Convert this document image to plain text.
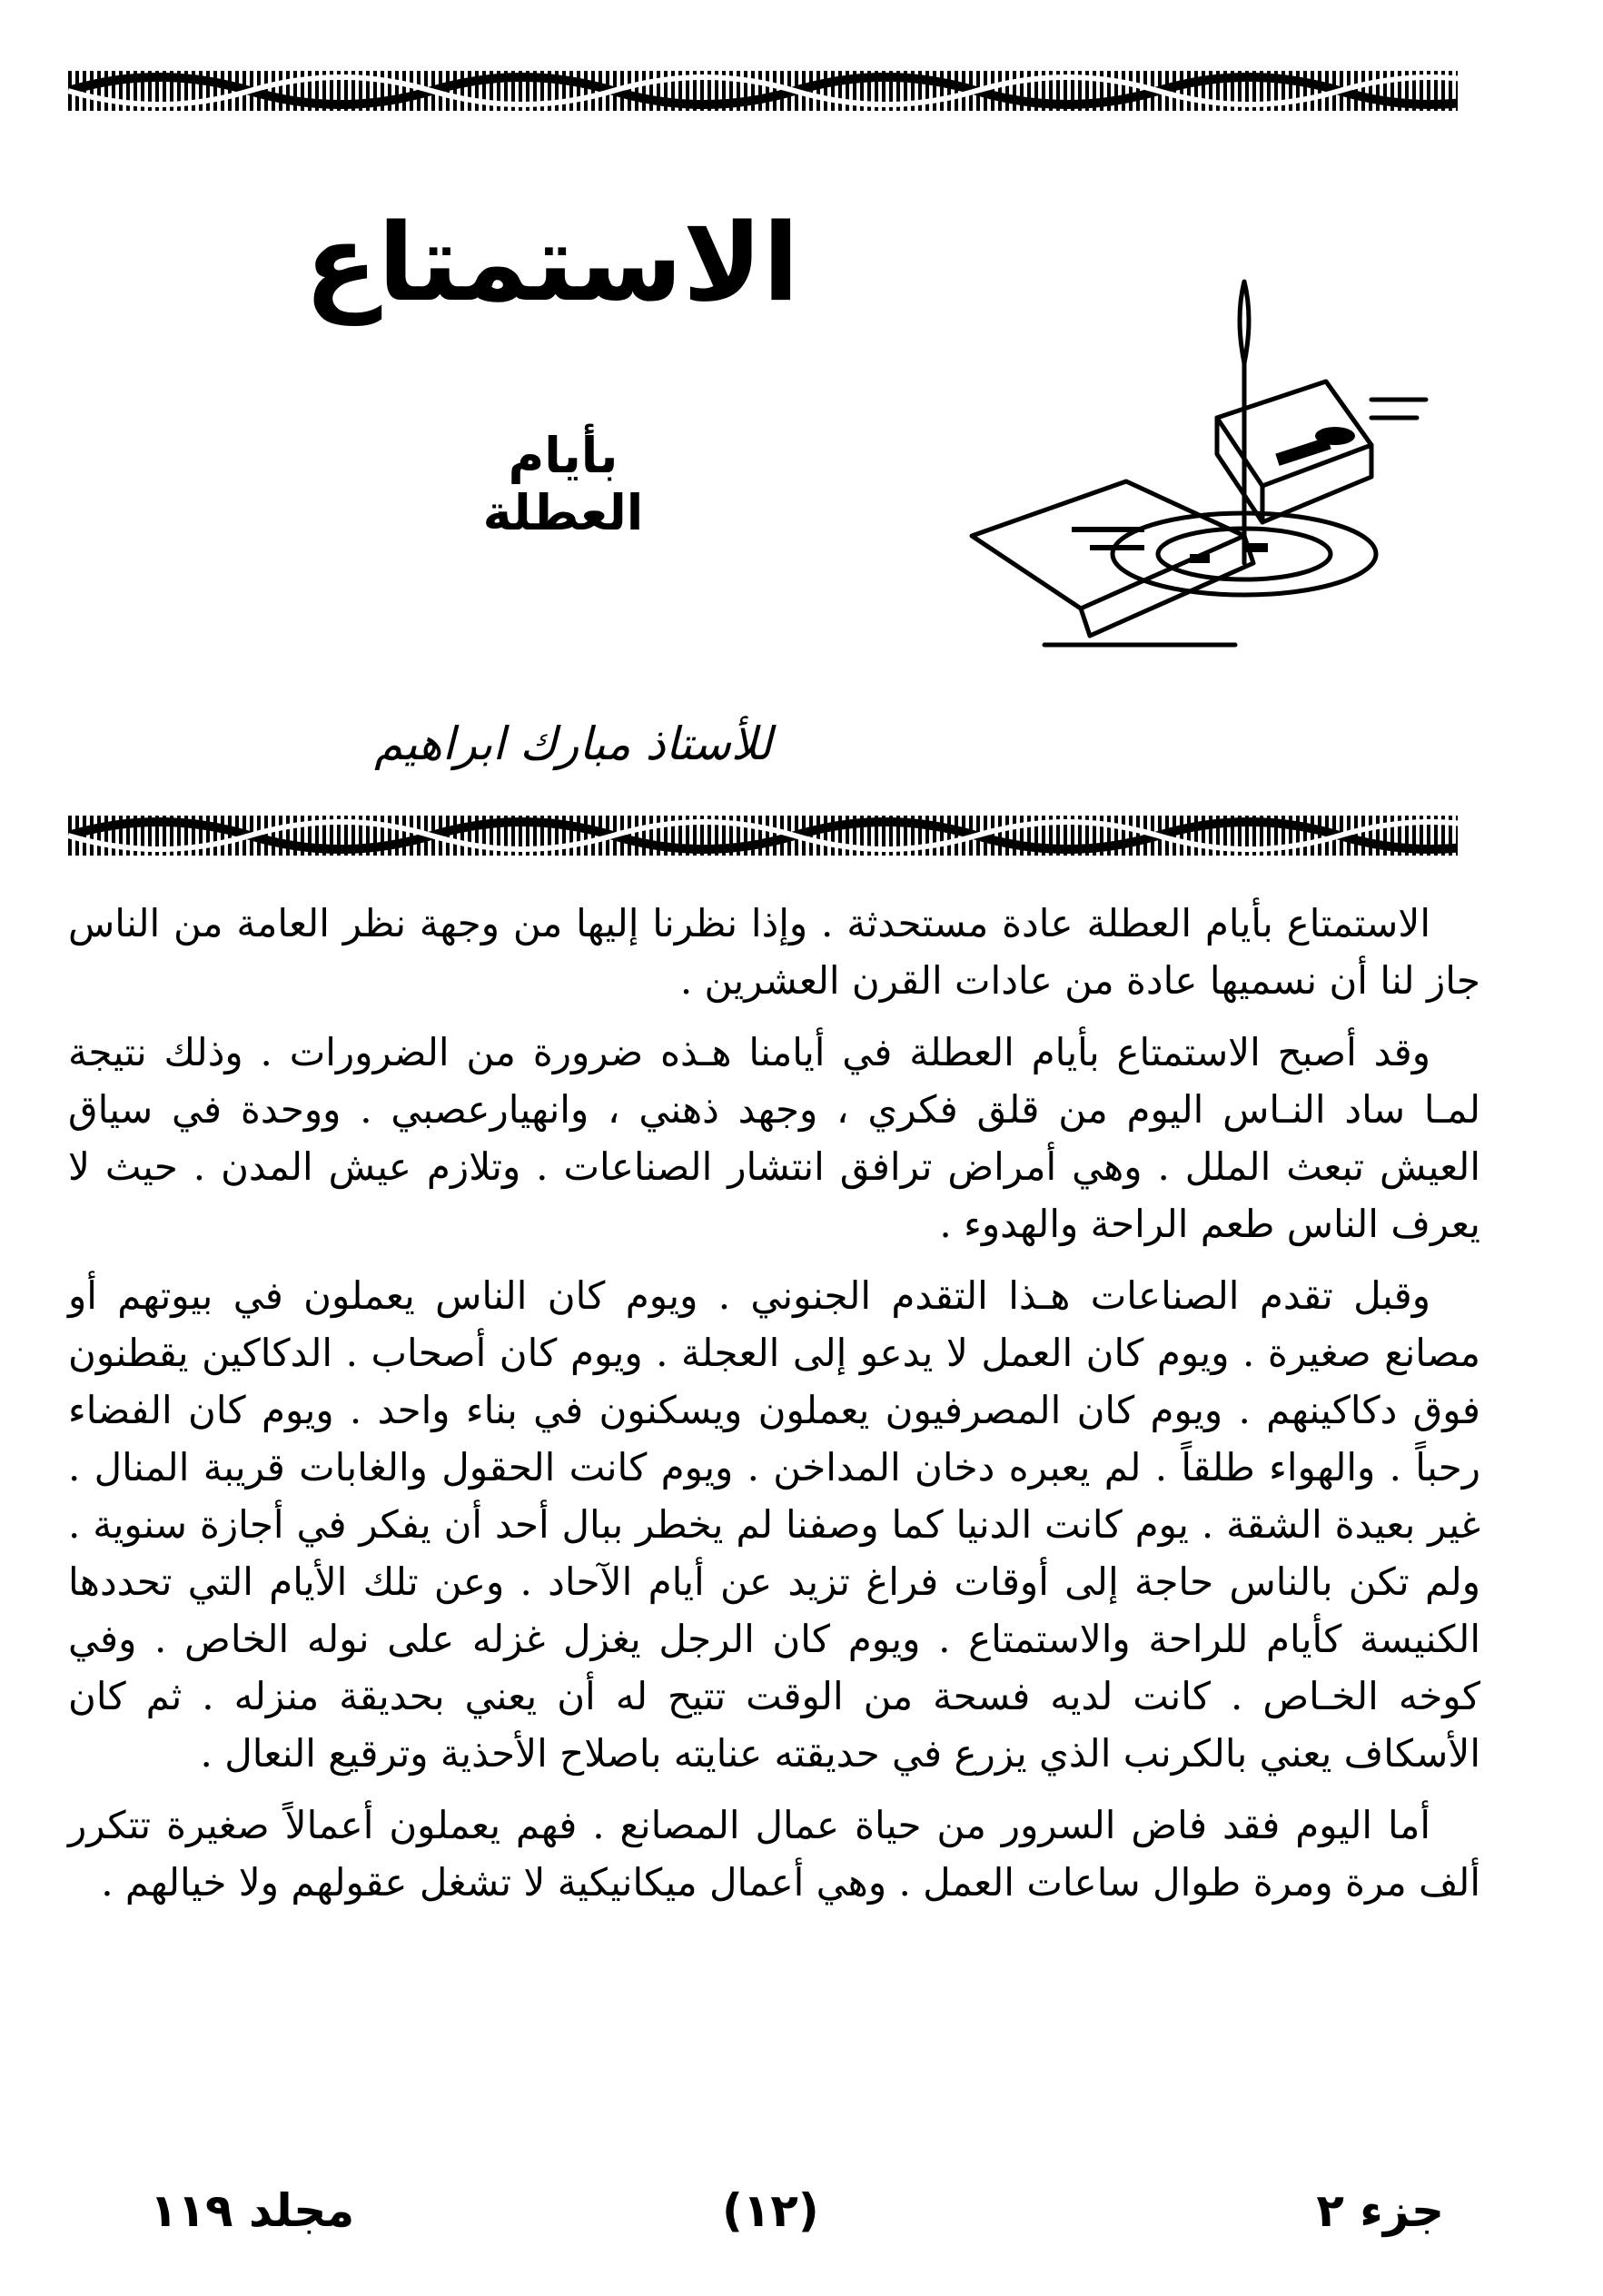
الاستمتاع
بأيام العطلة
للأستاذ مبارك ابراهيم

الاستمتاع بأيام العطلة عادة مستحدثة . وإذا نظرنا إليها من وجهة نظر العامة من الناس جاز لنا أن نسميها عادة من عادات القرن العشرين .

وقد أصبح الاستمتاع بأيام العطلة في أيامنا هـذه ضرورة من الضرورات . وذلك نتيجة لمـا ساد النـاس اليوم من قلق فكري ، وجهد ذهني ، وانهيارعصبي . ووحدة في سياق العيش تبعث الملل . وهي أمراض ترافق انتشار الصناعات . وتلازم عيش المدن . حيث لا يعرف الناس طعم الراحة والهدوء .

وقبل تقدم الصناعات هـذا التقدم الجنوني . ويوم كان الناس يعملون في بيوتهم أو مصانع صغيرة . ويوم كان العمل لا يدعو إلى العجلة . ويوم كان أصحاب . الدكاكين يقطنون فوق دكاكينهم . ويوم كان المصرفيون يعملون ويسكنون في بناء واحد . ويوم كان الفضاء رحباً . والهواء طلقاً . لم يعبره دخان المداخن . ويوم كانت الحقول والغابات قريبة المنال . غير بعيدة الشقة . يوم كانت الدنيا كما وصفنا لم يخطر ببال أحد أن يفكر في أجازة سنوية . ولم تكن بالناس حاجة إلى أوقات فراغ تزيد عن أيام الآحاد . وعن تلك الأيام التي تحددها الكنيسة كأيام للراحة والاستمتاع . ويوم كان الرجل يغزل غزله على نوله الخاص . وفي كوخه الخـاص . كانت لديه فسحة من الوقت تتيح له أن يعني بحديقة منزله . ثم كان الأسكاف يعني بالكرنب الذي يزرع في حديقته عنايته باصلاح الأحذية وترقيع النعال .

أما اليوم فقد فاض السرور من حياة عمال المصانع . فهم يعملون أعمالاً صغيرة تتكرر ألف مرة ومرة طوال ساعات العمل . وهي أعمال ميكانيكية لا تشغل عقولهم ولا خيالهم .

جزء ٢
(١٢)
مجلد ١١٩
